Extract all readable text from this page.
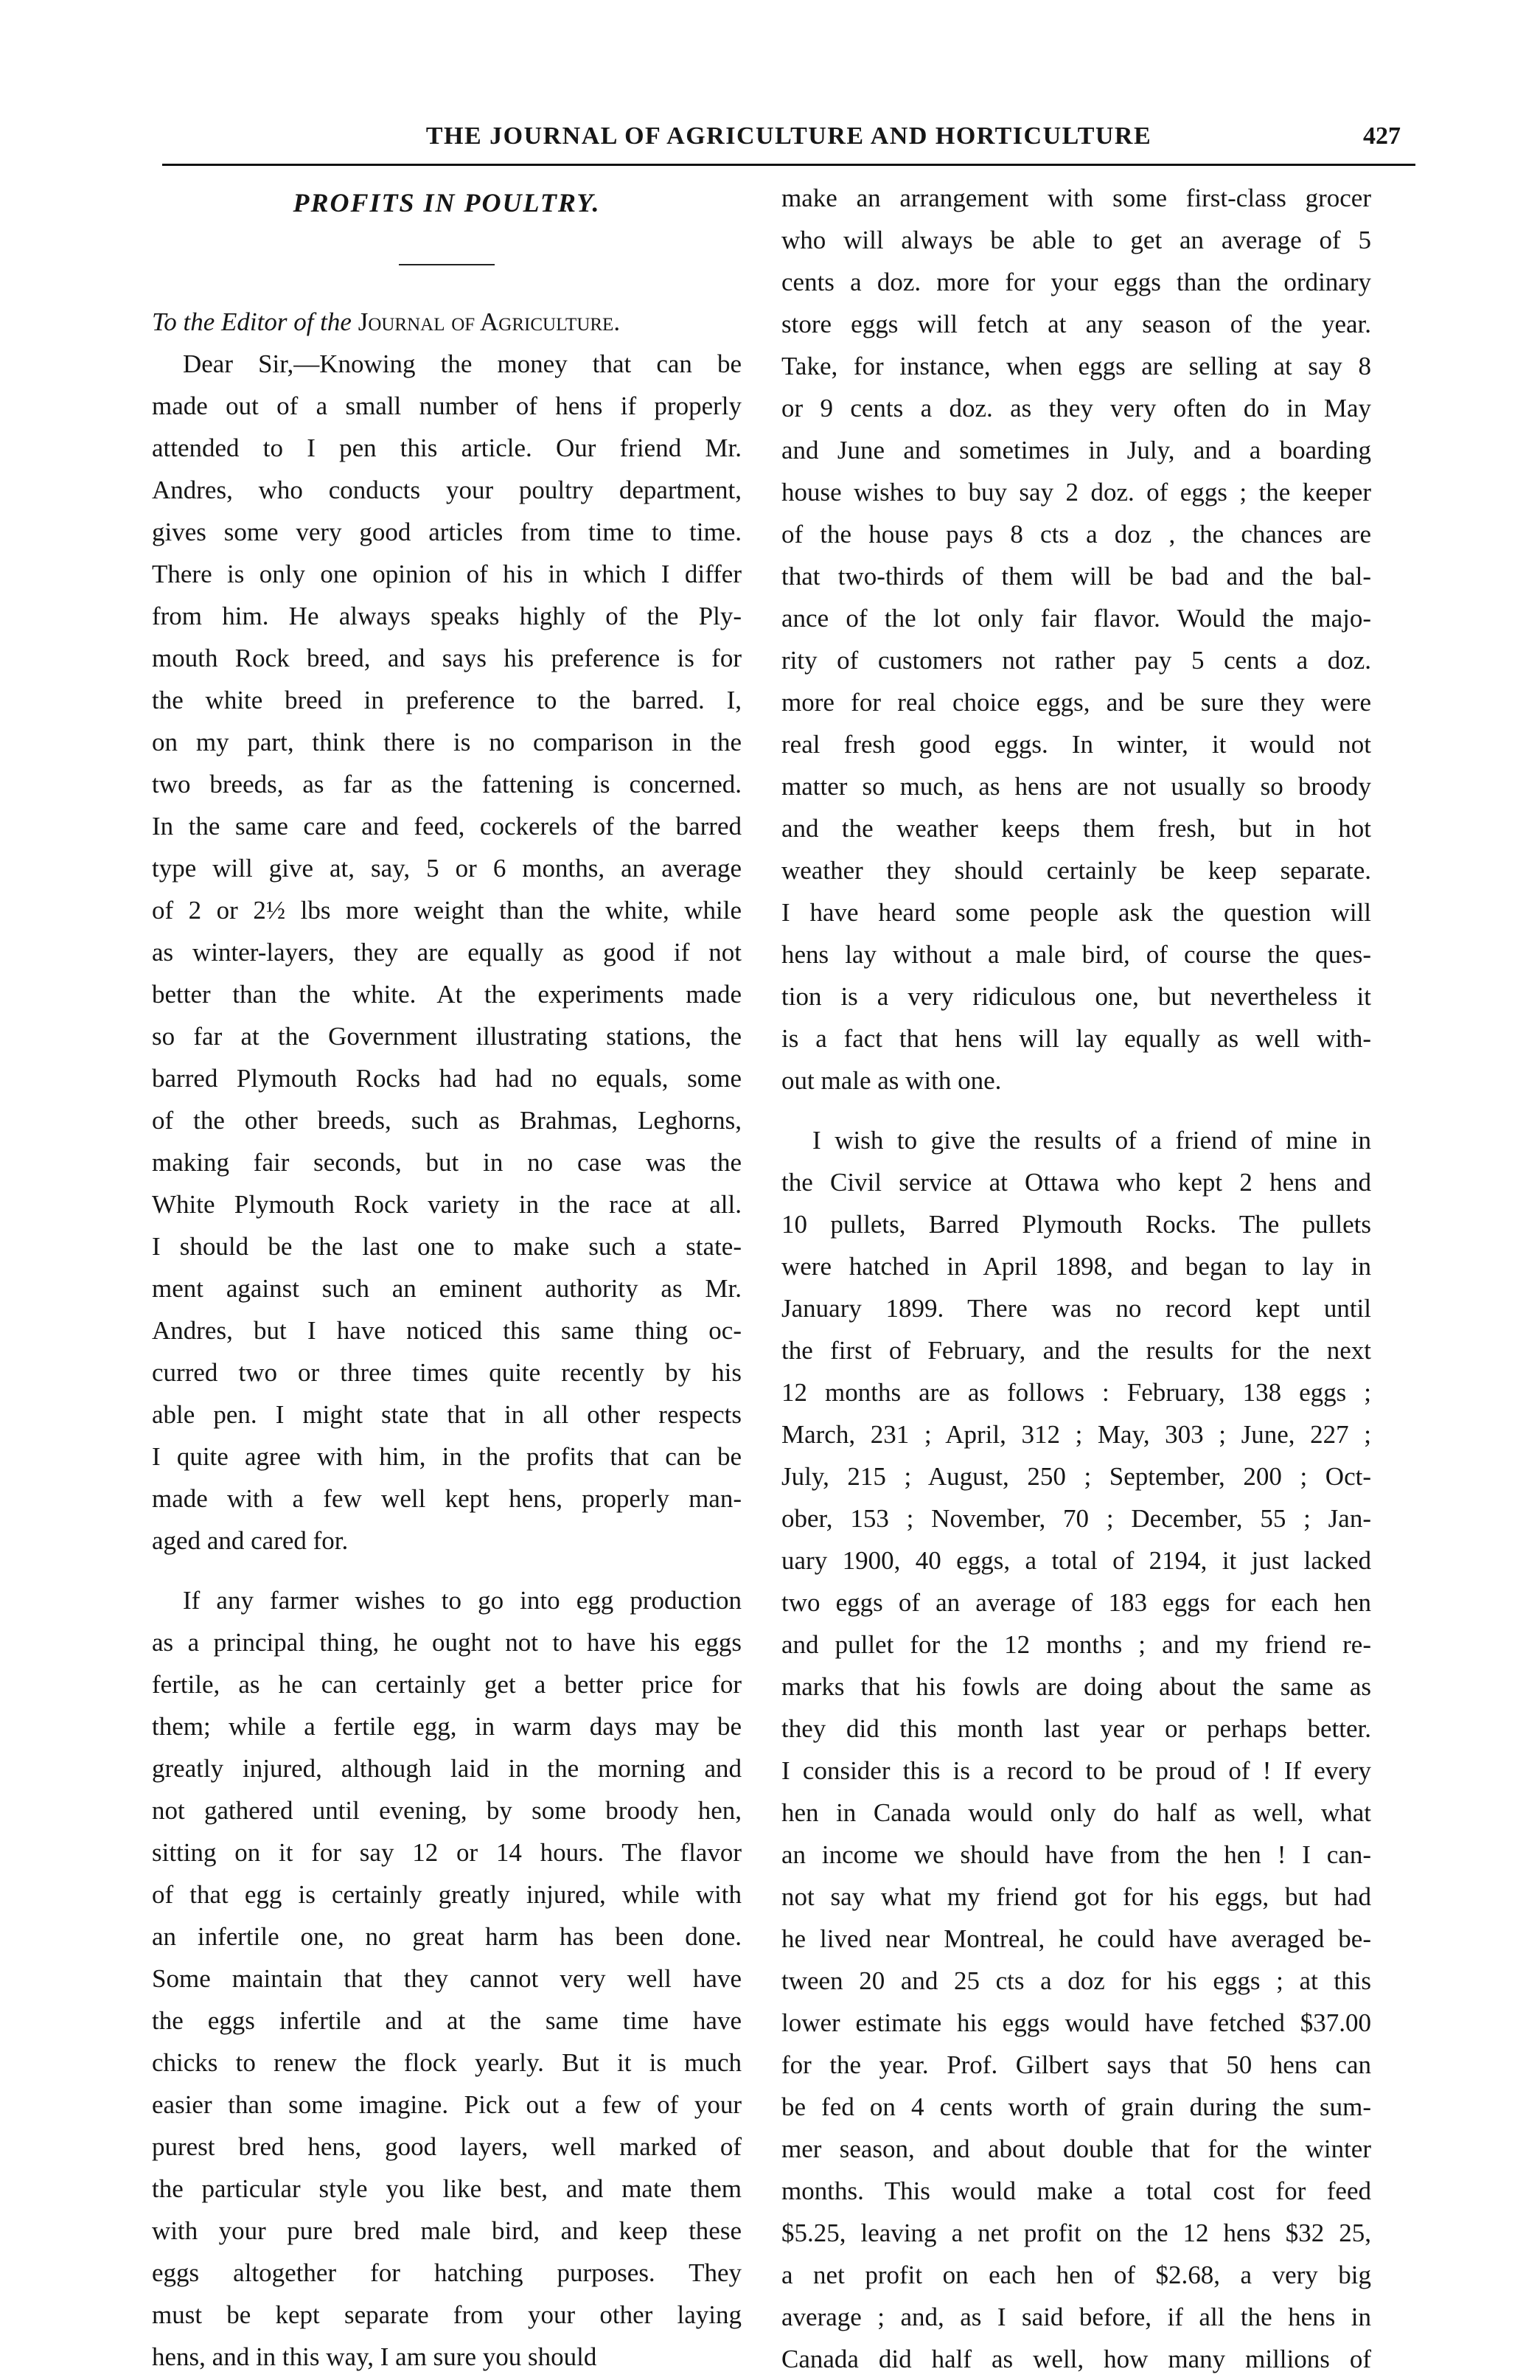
THE JOURNAL OF AGRICULTURE AND HORTICULTURE	427
PROFITS IN POULTRY.
To the Editor of the Journal of Agriculture.
Dear Sir,—Knowing the money that can be
made out of a small number of hens if properly
attended to I pen this article. Our friend Mr.
Andres, who conducts your poultry department,
gives some very good articles from time to time.
There is only one opinion of his in which I differ
from him. He always speaks highly of the Ply-
mouth Rock breed, and says his preference is for
the white breed in preference to the barred. I,
on my part, think there is no comparison in the
two breeds, as far as the fattening is concerned.
In the same care and feed, cockerels of the barred
type will give at, say, 5 or 6 months, an average
of 2 or 2½ lbs more weight than the white, while
as winter-layers, they are equally as good if not
better than the white. At the experiments made
so far at the Government illustrating stations, the
barred Plymouth Rocks had had no equals, some
of the other breeds, such as Brahmas, Leghorns,
making fair seconds, but in no case was the
White Plymouth Rock variety in the race at all.
I should be the last one to make such a state-
ment against such an eminent authority as Mr.
Andres, but I have noticed this same thing oc-
curred two or three times quite recently by his
able pen. I might state that in all other respects
I quite agree with him, in the profits that can be
made with a few well kept hens, properly man-
aged and cared for.
If any farmer wishes to go into egg production
as a principal thing, he ought not to have his eggs
fertile, as he can certainly get a better price for
them; while a fertile egg, in warm days may be
greatly injured, although laid in the morning and
not gathered until evening, by some broody hen,
sitting on it for say 12 or 14 hours. The flavor
of that egg is certainly greatly injured, while with
an infertile one, no great harm has been done.
Some maintain that they cannot very well have
the eggs infertile and at the same time have
chicks to renew the flock yearly. But it is much
easier than some imagine. Pick out a few of your
purest bred hens, good layers, well marked of
the particular style you like best, and mate them
with your pure bred male bird, and keep these
eggs altogether for hatching purposes. They
must be kept separate from your other laying
hens, and in this way, I am sure you should
make an arrangement with some first-class grocer
who will always be able to get an average of 5
cents a doz. more for your eggs than the ordinary
store eggs will fetch at any season of the year.
Take, for instance, when eggs are selling at say 8
or 9 cents a doz. as they very often do in May
and June and sometimes in July, and a boarding
house wishes to buy say 2 doz. of eggs ; the keeper
of the house pays 8 cts a doz , the chances are
that two-thirds of them will be bad and the bal-
ance of the lot only fair flavor. Would the majo-
rity of customers not rather pay 5 cents a doz.
more for real choice eggs, and be sure they were
real fresh good eggs. In winter, it would not
matter so much, as hens are not usually so broody
and the weather keeps them fresh, but in hot
weather they should certainly be keep separate.
I have heard some people ask the question will
hens lay without a male bird, of course the ques-
tion is a very ridiculous one, but nevertheless it
is a fact that hens will lay equally as well with-
out male as with one.
I wish to give the results of a friend of mine in
the Civil service at Ottawa who kept 2 hens and
10 pullets, Barred Plymouth Rocks. The pullets
were hatched in April 1898, and began to lay in
January 1899. There was no record kept until
the first of February, and the results for the next
12 months are as follows : February, 138 eggs ;
March, 231 ; April, 312 ; May, 303 ; June, 227 ;
July, 215 ; August, 250 ; September, 200 ; Oct-
ober, 153 ; November, 70 ; December, 55 ; Jan-
uary 1900, 40 eggs, a total of 2194, it just lacked
two eggs of an average of 183 eggs for each hen
and pullet for the 12 months ; and my friend re-
marks that his fowls are doing about the same as
they did this month last year or perhaps better.
I consider this is a record to be proud of ! If every
hen in Canada would only do half as well, what
an income we should have from the hen ! I can-
not say what my friend got for his eggs, but had
he lived near Montreal, he could have averaged be-
tween 20 and 25 cts a doz for his eggs ; at this
lower estimate his eggs would have fetched $37.00
for the year. Prof. Gilbert says that 50 hens can
be fed on 4 cents worth of grain during the sum-
mer season, and about double that for the winter
months. This would make a total cost for feed
$5.25, leaving a net profit on the 12 hens $32 25,
a net profit on each hen of $2.68, a very big
average ; and, as I said before, if all the hens in
Canada did half as well, how many millions of
